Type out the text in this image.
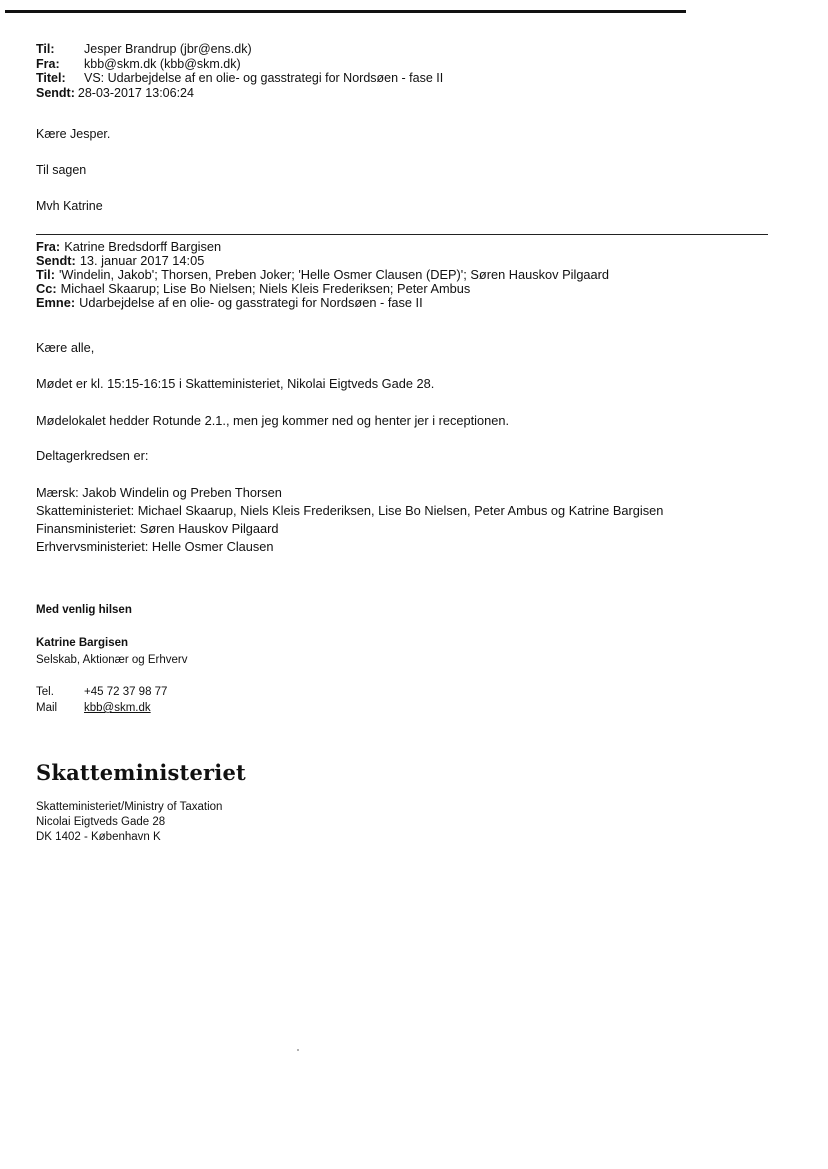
Til:	Jesper Brandrup (jbr@ens.dk)
Fra:	kbb@skm.dk (kbb@skm.dk)
Titel:	VS: Udarbejdelse af en olie- og gasstrategi for Nordsøen - fase II
Sendt: 28-03-2017 13:06:24
Kære Jesper.
Til sagen
Mvh Katrine
Fra: Katrine Bredsdorff Bargisen
Sendt: 13. januar 2017 14:05
Til: 'Windelin, Jakob'; Thorsen, Preben Joker; 'Helle Osmer Clausen (DEP)'; Søren Hauskov Pilgaard
Cc: Michael Skaarup; Lise Bo Nielsen; Niels Kleis Frederiksen; Peter Ambus
Emne: Udarbejdelse af en olie- og gasstrategi for Nordsøen - fase II
Kære alle,
Mødet er kl. 15:15-16:15 i Skatteministeriet, Nikolai Eigtveds Gade 28.
Mødelokalet hedder Rotunde 2.1., men jeg kommer ned og henter jer i receptionen.
Deltagerkredsen er:
Mærsk: Jakob Windelin og Preben Thorsen
Skatteministeriet: Michael Skaarup, Niels Kleis Frederiksen, Lise Bo Nielsen, Peter Ambus og Katrine Bargisen
Finansministeriet: Søren Hauskov Pilgaard
Erhvervsministeriet: Helle Osmer Clausen
Med venlig hilsen
Katrine Bargisen
Selskab, Aktionær og Erhverv
Tel.	+45 72 37 98 77
Mail kbb@skm.dk
Skatteministeriet
Skatteministeriet/Ministry of Taxation
Nicolai Eigtveds Gade 28
DK 1402 - København K
